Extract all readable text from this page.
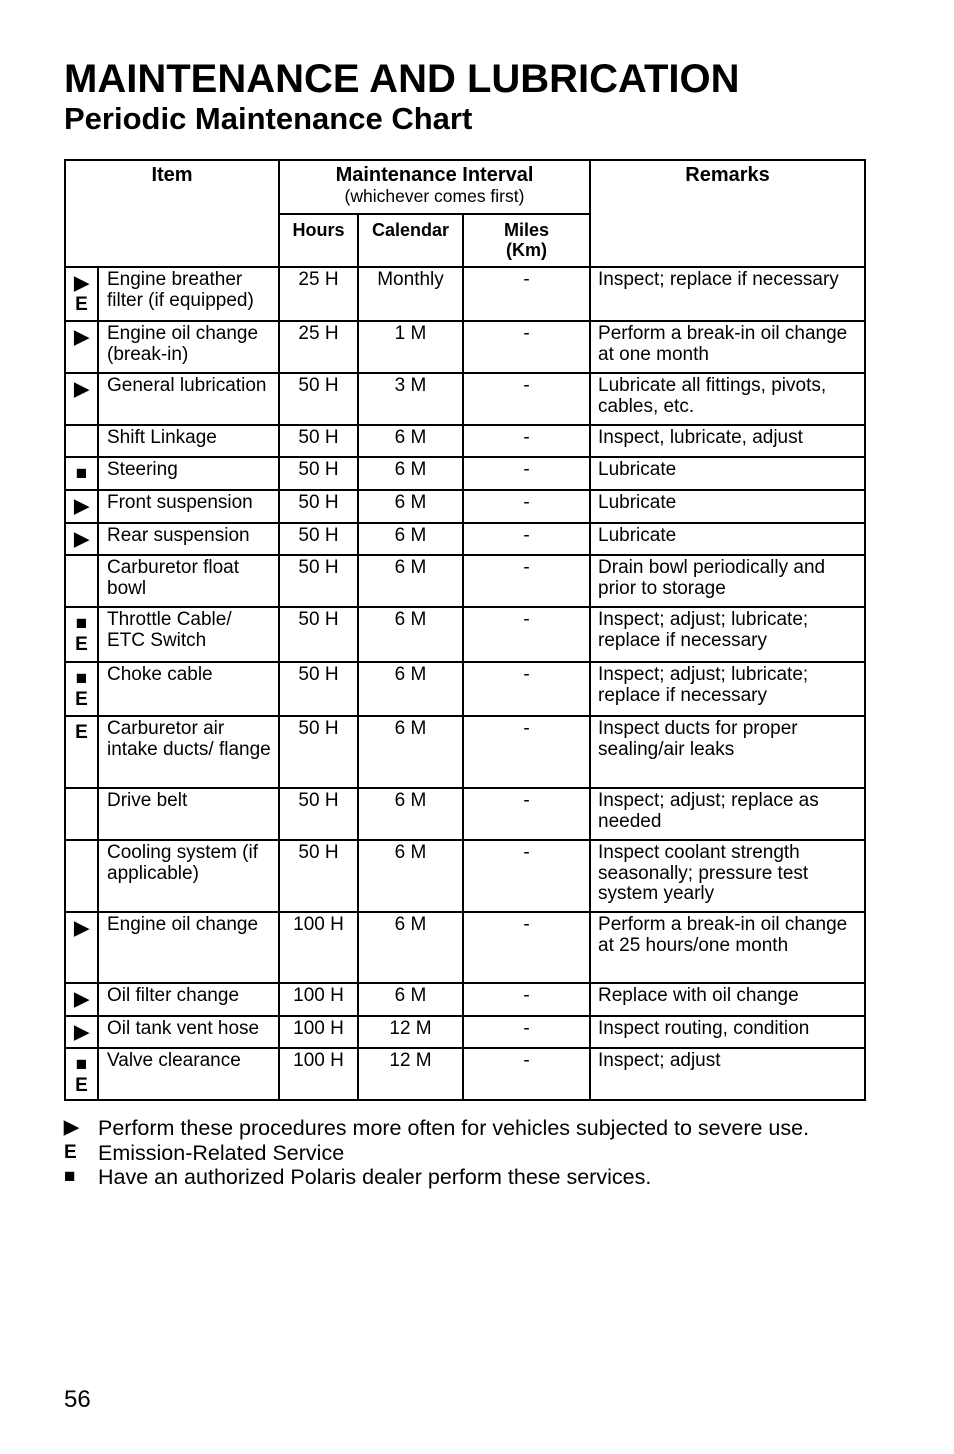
MAINTENANCE AND LUBRICATION
Periodic Maintenance Chart
Item		Maintenance Interval
(whichever comes first)			Remarks
		Hours	Calendar	Miles (Km)	

▶
E	Engine breather filter (if equipped)	25 H	Monthly	-	Inspect; replace if necessary

▶	Engine oil change (break-in)	25 H	1 M	-	Perform a break-in oil change at one month

▶	General lubrication	50 H	3 M	-	Lubricate all fittings, pivots, cables, etc.
	Shift Linkage	50 H	6 M	-	Inspect, lubricate, adjust

■	Steering	50 H	6 M	-	Lubricate

▶	Front suspension	50 H	6 M	-	Lubricate

▶	Rear suspension	50 H	6 M	-	Lubricate
	Carburetor float bowl	50 H	6 M	-	Drain bowl periodically and prior to storage

■
E	Throttle Cable/ ETC Switch	50 H	6 M	-	Inspect; adjust; lubricate; replace if necessary

■
E	Choke cable	50 H	6 M	-	Inspect; adjust; lubricate; replace if necessary

E	Carburetor air intake ducts/ flange	50 H	6 M	-	Inspect ducts for proper sealing/air leaks
	Drive belt	50 H	6 M	-	Inspect; adjust; replace as needed
	Cooling system (if applicable)	50 H	6 M	-	Inspect coolant strength seasonally; pressure test system yearly

▶	Engine oil change	100 H	6 M	-	Perform a break-in oil change at 25 hours/one month

▶	Oil filter change	100 H	6 M	-	Replace with oil change

▶	Oil tank vent hose	100 H	12 M	-	Inspect routing, condition

■
E	Valve clearance	100 H	12 M	-	Inspect; adjust
▶ Perform these procedures more often for vehicles subjected to severe use.
E Emission-Related Service
■	Have an authorized Polaris dealer perform these services.
56
